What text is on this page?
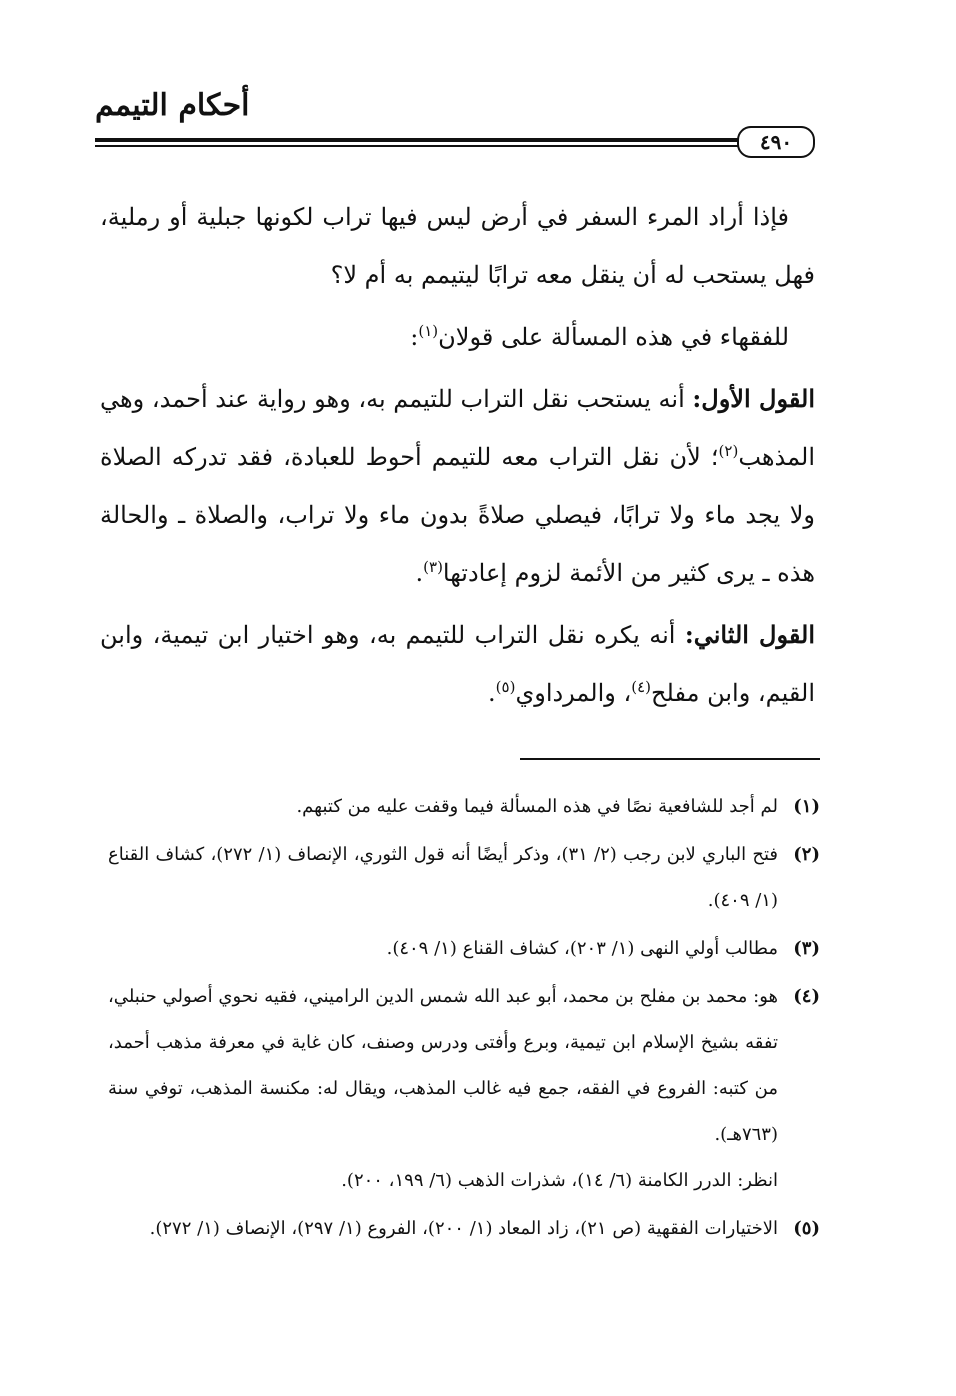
أحكام التيمم
٤٩٠

فإذا أراد المرء السفر في أرض ليس فيها تراب لكونها جبلية أو رملية، فهل يستحب له أن ينقل معه ترابًا ليتيمم به أم لا؟

للفقهاء في هذه المسألة على قولان$^{(١)}$:

القول الأول: أنه يستحب نقل التراب للتيمم به، وهو رواية عند أحمد، وهي المذهب$^{(٢)}$؛ لأن نقل التراب معه للتيمم أحوط للعبادة، فقد تدركه الصلاة ولا يجد ماء ولا ترابًا، فيصلي صلاةً بدون ماء ولا تراب، والصلاة ـ والحالة هذه ـ يرى كثير من الأئمة لزوم إعادتها$^{(٣)}$.

القول الثاني: أنه يكره نقل التراب للتيمم به، وهو اختيار ابن تيمية، وابن القيم، وابن مفلح$^{(٤)}$، والمرداوي$^{(٥)}$.

(١)
لم أجد للشافعية نصًا في هذه المسألة فيما وقفت عليه من كتبهم.
(٢)
فتح الباري لابن رجب (٢/ ٣١)، وذكر أيضًا أنه قول الثوري، الإنصاف (١/ ٢٧٢)، كشاف القناع (١/ ٤٠٩).
(٣)
مطالب أولي النهى (١/ ٢٠٣)، كشاف القناع (١/ ٤٠٩).
(٤)
هو: محمد بن مفلح بن محمد، أبو عبد الله شمس الدين الراميني، فقيه نحوي أصولي حنبلي، تفقه بشيخ الإسلام ابن تيمية، وبرع وأفتى ودرس وصنف، كان غاية في معرفة مذهب أحمد، من كتبه: الفروع في الفقه، جمع فيه غالب المذهب، ويقال له: مكنسة المذهب، توفي سنة (٧٦٣هـ).
انظر: الدرر الكامنة (٦/ ١٤)، شذرات الذهب (٦/ ١٩٩، ٢٠٠).
(٥)
الاختيارات الفقهية (ص ٢١)، زاد المعاد (١/ ٢٠٠)، الفروع (١/ ٢٩٧)، الإنصاف (١/ ٢٧٢).
